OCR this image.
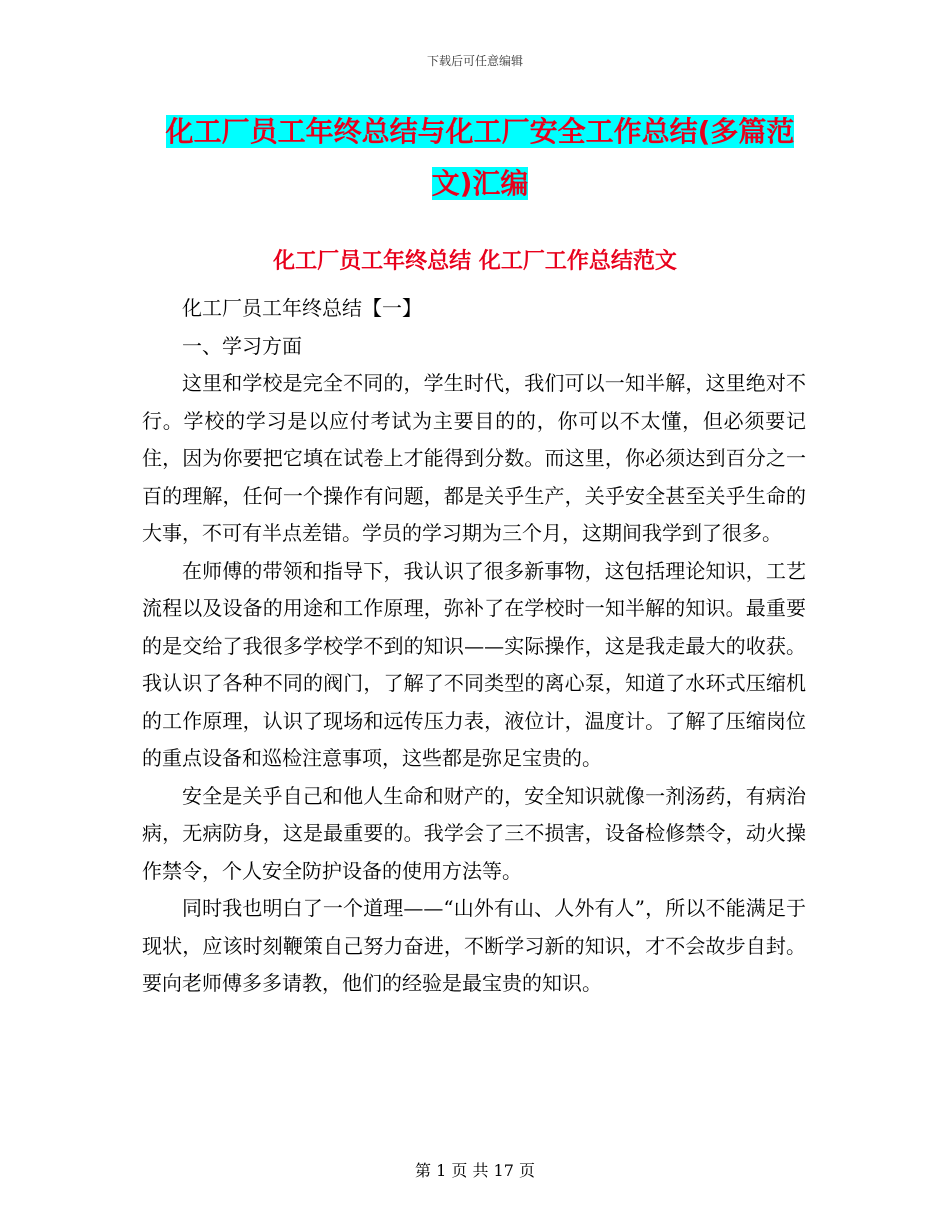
下载后可任意编辑
化工厂员工年终总结与化工厂安全工作总结(多篇范
文)汇编
化工厂员工年终总结 化工厂工作总结范文

化工厂员工年终总结【一】

一、学习方面

这里和学校是完全不同的，学生时代，我们可以一知半解，这里绝对不行。学校的学习是以应付考试为主要目的的，你可以不太懂，但必须要记住，因为你要把它填在试卷上才能得到分数。而这里，你必须达到百分之一百的理解，任何一个操作有问题，都是关乎生产，关乎安全甚至关乎生命的大事，不可有半点差错。学员的学习期为三个月，这期间我学到了很多。

在师傅的带领和指导下，我认识了很多新事物，这包括理论知识，工艺流程以及设备的用途和工作原理，弥补了在学校时一知半解的知识。最重要的是交给了我很多学校学不到的知识——实际操作，这是我走最大的收获。我认识了各种不同的阀门，了解了不同类型的离心泵，知道了水环式压缩机的工作原理，认识了现场和远传压力表，液位计，温度计。了解了压缩岗位的重点设备和巡检注意事项，这些都是弥足宝贵的。

安全是关乎自己和他人生命和财产的，安全知识就像一剂汤药，有病治病，无病防身，这是最重要的。我学会了三不损害，设备检修禁令，动火操作禁令，个人安全防护设备的使用方法等。

同时我也明白了一个道理——“山外有山、人外有人”，所以不能满足于现状，应该时刻鞭策自己努力奋进，不断学习新的知识，才不会故步自封。要向老师傅多多请教，他们的经验是最宝贵的知识。

第 1 页 共 17 页
